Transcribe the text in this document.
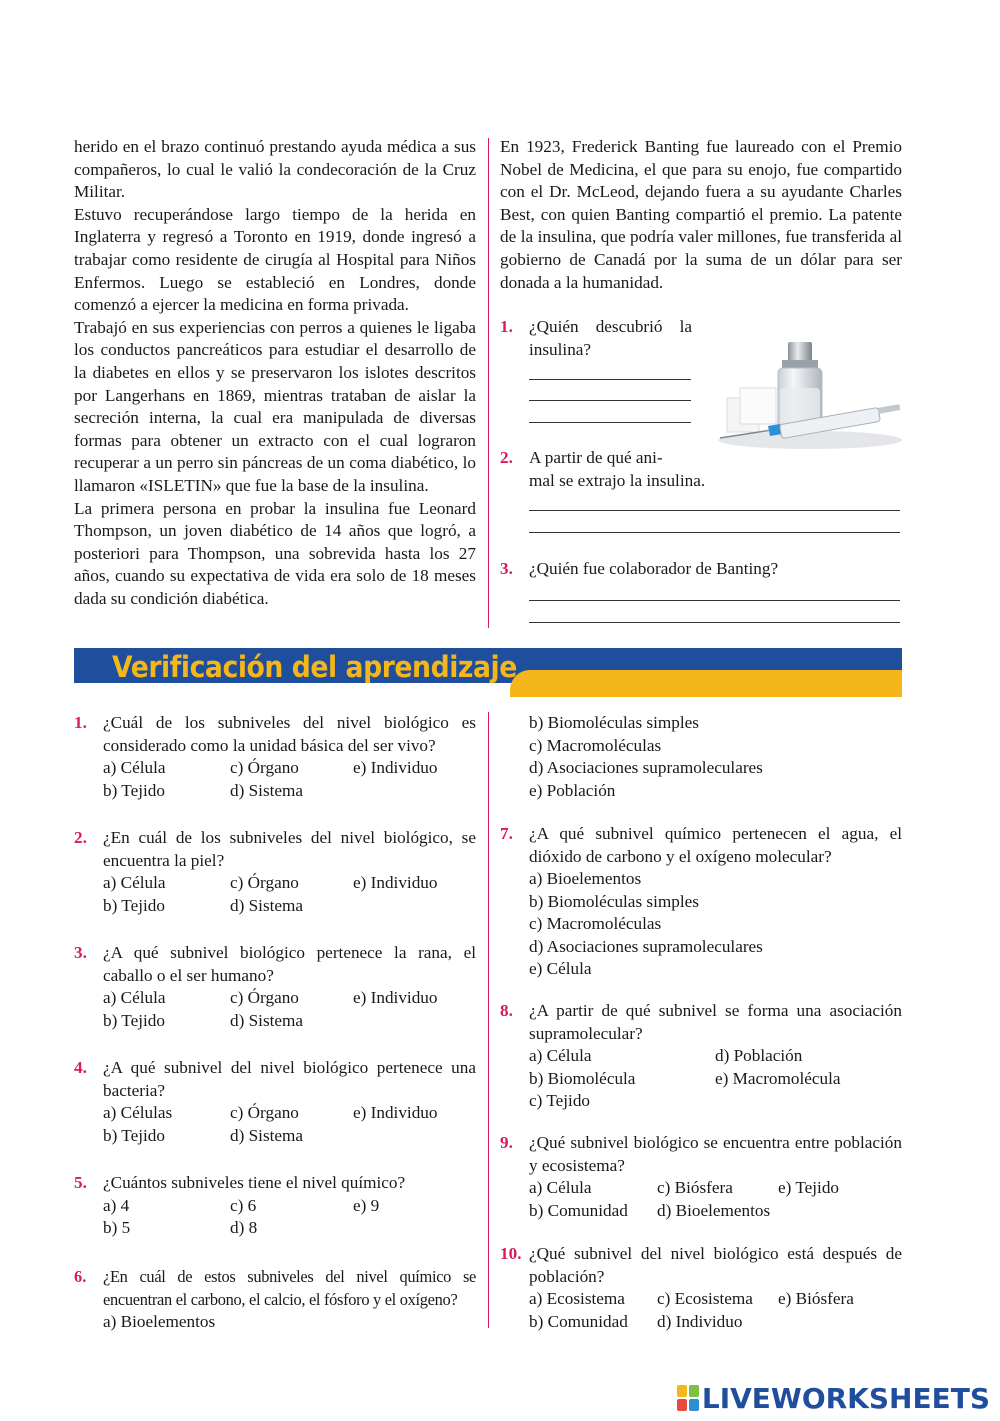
herido en el brazo continuó prestando ayuda médica a sus compañeros, lo cual le valió la condecoración de la Cruz Militar.

Estuvo recuperándose largo tiempo de la herida en Inglaterra y regresó a Toronto en 1919, donde ingresó a trabajar como residente de cirugía al Hospital para Niños Enfermos. Luego se estableció en Londres, donde comenzó a ejercer la medicina en forma privada.

Trabajó en sus experiencias con perros a quienes le ligaba los conductos pancreáticos para estudiar el desarrollo de la diabetes en ellos y se preservaron los islotes descritos por Langerhans en 1869, mientras trataban de aislar la secreción interna, la cual era manipulada de diversas formas para obtener un extracto con el cual lograron recuperar a un perro sin páncreas de un coma diabético, lo llamaron «ISLETIN» que fue la base de la insulina.

La primera persona en probar la insulina fue Leonard Thompson, un joven diabético de 14 años que logró, a posteriori para Thompson, una sobrevida hasta los 27 años, cuando su expectativa de vida era solo de 18 meses dada su condición diabética.

En 1923, Frederick Banting fue laureado con el Premio Nobel de Medicina, el que para su enojo, fue compartido con el Dr. McLeod, dejando fuera a su ayudante Charles Best, con quien Banting compartió el premio. La patente de la insulina, que podría valer millones, fue transferida al gobierno de Canadá por la suma de un dólar para ser donada a la humanidad.
1. ¿Quién descubrió la insulina?
2. A partir de qué ani-
mal se extrajo la insulina.
3. ¿Quién fue colaborador de Banting?
Verificación del aprendizaje
1. ¿Cuál de los subniveles del nivel biológico es considerado como la unidad básica del ser vivo?
a) Célula	c) Órgano	e) Individuo
b) Tejido	d) Sistema
2. ¿En cuál de los subniveles del nivel biológico, se encuentra la piel?
a) Célula	c) Órgano	e) Individuo
b) Tejido	d) Sistema
3. ¿A qué subnivel biológico pertenece la rana, el caballo o el ser humano?
a) Célula	c) Órgano	e) Individuo
b) Tejido	d) Sistema
4. ¿A qué subnivel del nivel biológico pertenece una bacteria?
a) Células	c) Órgano	e) Individuo
b) Tejido	d) Sistema
5. ¿Cuántos subniveles tiene el nivel químico?
a) 4	c) 6	e) 9
b) 5	d) 8
6. ¿En cuál de estos subniveles del nivel químico se encuentran el carbono, el calcio, el fósforo y el oxígeno?
a) Bioelementos
b) Biomoléculas simples
c) Macromoléculas
d) Asociaciones supramoleculares
e) Población
7. ¿A qué subnivel químico pertenecen el agua, el dióxido de carbono y el oxígeno molecular?
a) Bioelementos
b) Biomoléculas simples
c) Macromoléculas
d) Asociaciones supramoleculares
e) Célula
8. ¿A partir de qué subnivel se forma una asociación supramolecular?
a) Célula	d) Población
b) Biomolécula	e) Macromolécula
c) Tejido
9. ¿Qué subnivel biológico se encuentra entre población y ecosistema?
a) Célula	c) Biósfera	e) Tejido
b) Comunidad d) Bioelementos
10. ¿Qué subnivel del nivel biológico está después de población?
a) Ecosistema c) Ecosistema e) Biósfera
b) Comunidad d) Individuo
LIVEWORKSHEETS
